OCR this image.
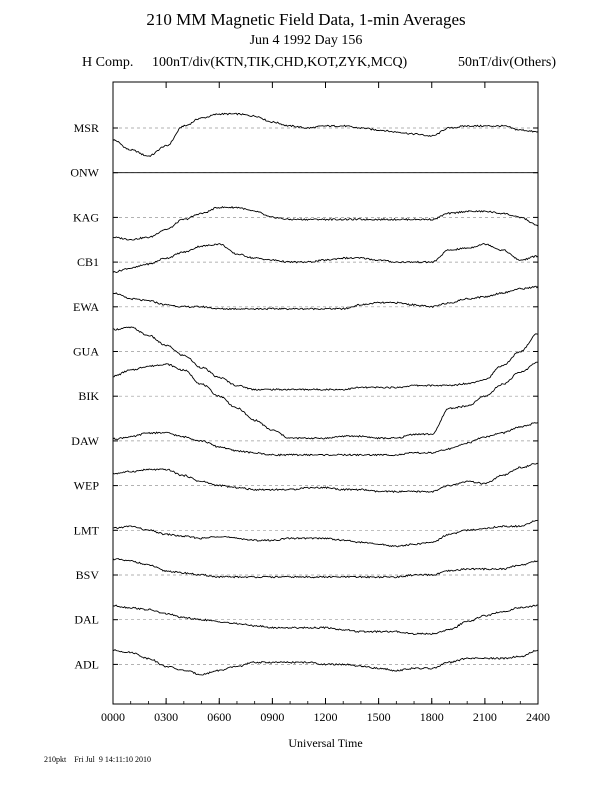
210 MM Magnetic Field Data, 1-min Averages
Jun 4 1992 Day 156
H Comp. 100nT/div(KTN,TIK,CHD,KOT,ZYK,MCQ)	50nT/div(Others)
0000 0300 0600 0900 1200 1500 1800 2100 2400
Universal Time
MSR
ONW
KAG
CB1
EWA
GUA
BIK
DAW
WEP
LMT
BSV
DAL
ADL
210pkt Fri Jul  9 14:11:10 2010
